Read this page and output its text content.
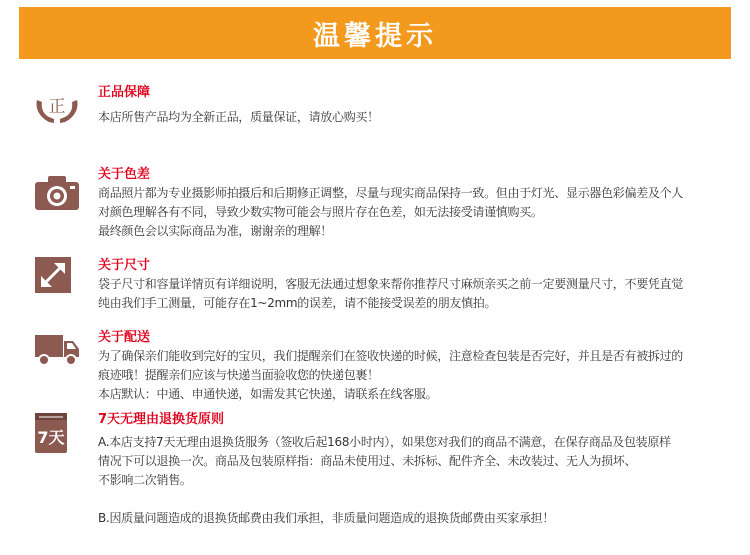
温馨提示
正
正品保障
本店所售产品均为全新正品，质量保证，请放心购买！
关于色差
商品照片都为专业摄影师拍摄后和后期修正调整，尽量与现实商品保持一致。但由于灯光、显示器色彩偏差及个人
对颜色理解各有不同，导致少数实物可能会与照片存在色差，如无法接受请谨慎购买。
最终颜色会以实际商品为准，谢谢亲的理解！
关于尺寸
袋子尺寸和容量详情页有详细说明，客服无法通过想象来帮你推荐尺寸麻烦亲买之前一定要测量尺寸，不要凭直觉
纯由我们手工测量，可能存在1~2mm的误差，请不能接受误差的朋友慎拍。
关于配送
为了确保亲们能收到完好的宝贝，我们提醒亲们在签收快递的时候，注意检查包装是否完好，并且是否有被拆过的
痕迹哦！提醒亲们应该与快递当面验收您的快递包裹！
本店默认：中通、申通快递，如需发其它快递，请联系在线客服。
7天
7天无理由退换货原则
A.本店支持7天无理由退换货服务（签收后起168小时内），如果您对我们的商品不满意，在保存商品及包装原样
情况下可以退换一次。商品及包装原样指：商品未使用过、未拆标、配件齐全、未改装过、无人为损坏、
不影响二次销售。
B.因质量问题造成的退换货邮费由我们承担，非质量问题造成的退换货邮费由买家承担！
